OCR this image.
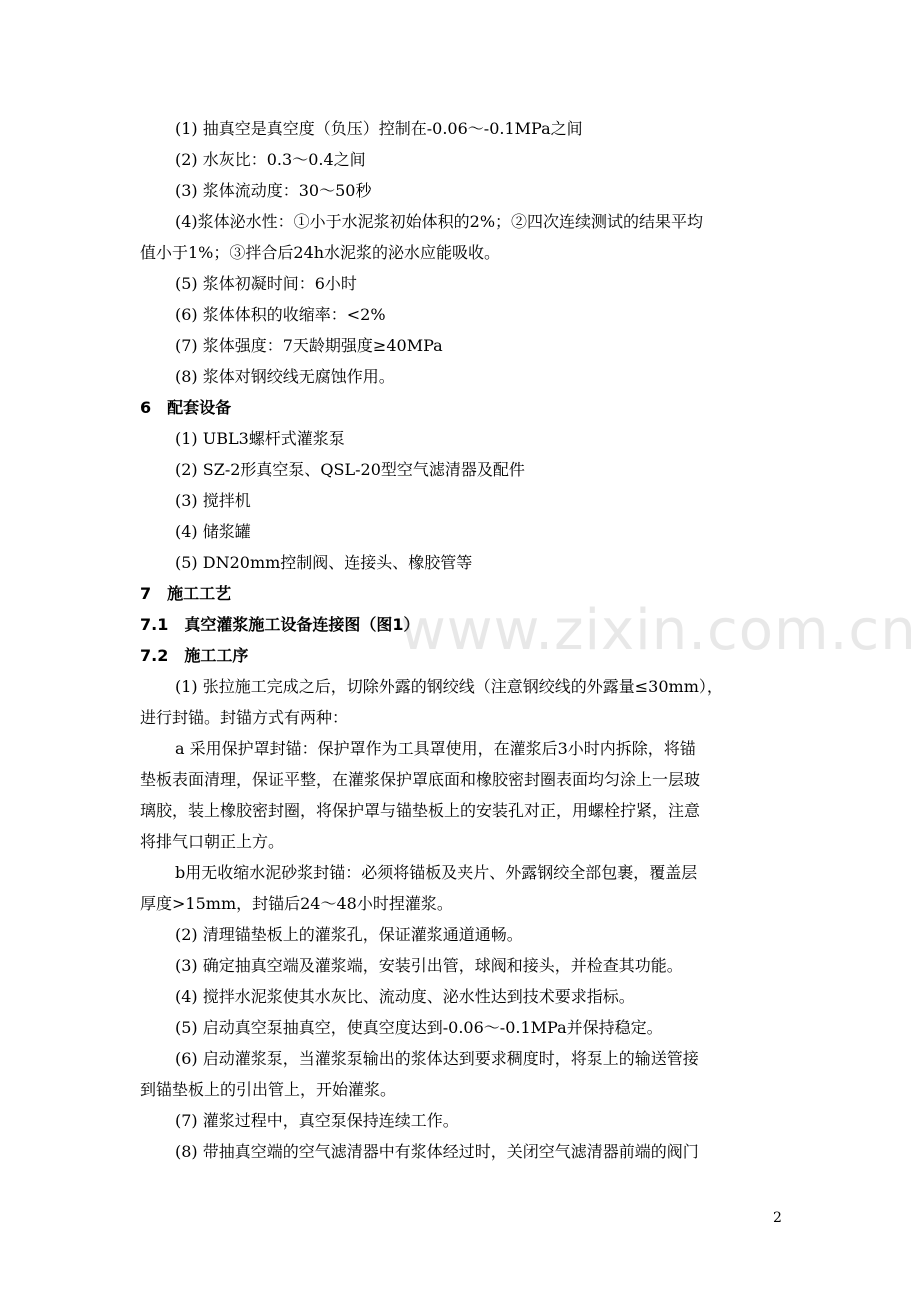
(1) 抽真空是真空度（负压）控制在-0.06～-0.1MPa之间
(2) 水灰比：0.3～0.4之间
(3) 浆体流动度：30～50秒
(4)浆体泌水性：①小于水泥浆初始体积的2%；②四次连续测试的结果平均
值小于1%；③拌合后24h水泥浆的泌水应能吸收。
(5) 浆体初凝时间：6小时
(6) 浆体体积的收缩率：<2%
(7) 浆体强度：7天龄期强度≥40MPa
(8) 浆体对钢绞线无腐蚀作用。
6　配套设备
(1) UBL3螺杆式灌浆泵
(2) SZ-2形真空泵、QSL-20型空气滤清器及配件
(3) 搅拌机
(4) 储浆罐
(5) DN20mm控制阀、连接头、橡胶管等
7　施工工艺
7.1　真空灌浆施工设备连接图（图1）
7.2　施工工序
(1) 张拉施工完成之后，切除外露的钢绞线（注意钢绞线的外露量≤30mm），
进行封锚。封锚方式有两种：
a 采用保护罩封锚：保护罩作为工具罩使用，在灌浆后3小时内拆除，将锚
垫板表面清理，保证平整，在灌浆保护罩底面和橡胶密封圈表面均匀涂上一层玻
璃胶，装上橡胶密封圈，将保护罩与锚垫板上的安装孔对正，用螺栓拧紧，注意
将排气口朝正上方。
b用无收缩水泥砂浆封锚：必须将锚板及夹片、外露钢绞全部包裹，覆盖层
厚度>15mm，封锚后24～48小时捏灌浆。
(2) 清理锚垫板上的灌浆孔，保证灌浆通道通畅。
(3) 确定抽真空端及灌浆端，安装引出管，球阀和接头，并检查其功能。
(4) 搅拌水泥浆使其水灰比、流动度、泌水性达到技术要求指标。
(5) 启动真空泵抽真空，使真空度达到-0.06～-0.1MPa并保持稳定。
(6) 启动灌浆泵，当灌浆泵输出的浆体达到要求稠度时，将泵上的输送管接
到锚垫板上的引出管上，开始灌浆。
(7) 灌浆过程中，真空泵保持连续工作。
(8) 带抽真空端的空气滤清器中有浆体经过时，关闭空气滤清器前端的阀门
www.zixin.com.cn
2
